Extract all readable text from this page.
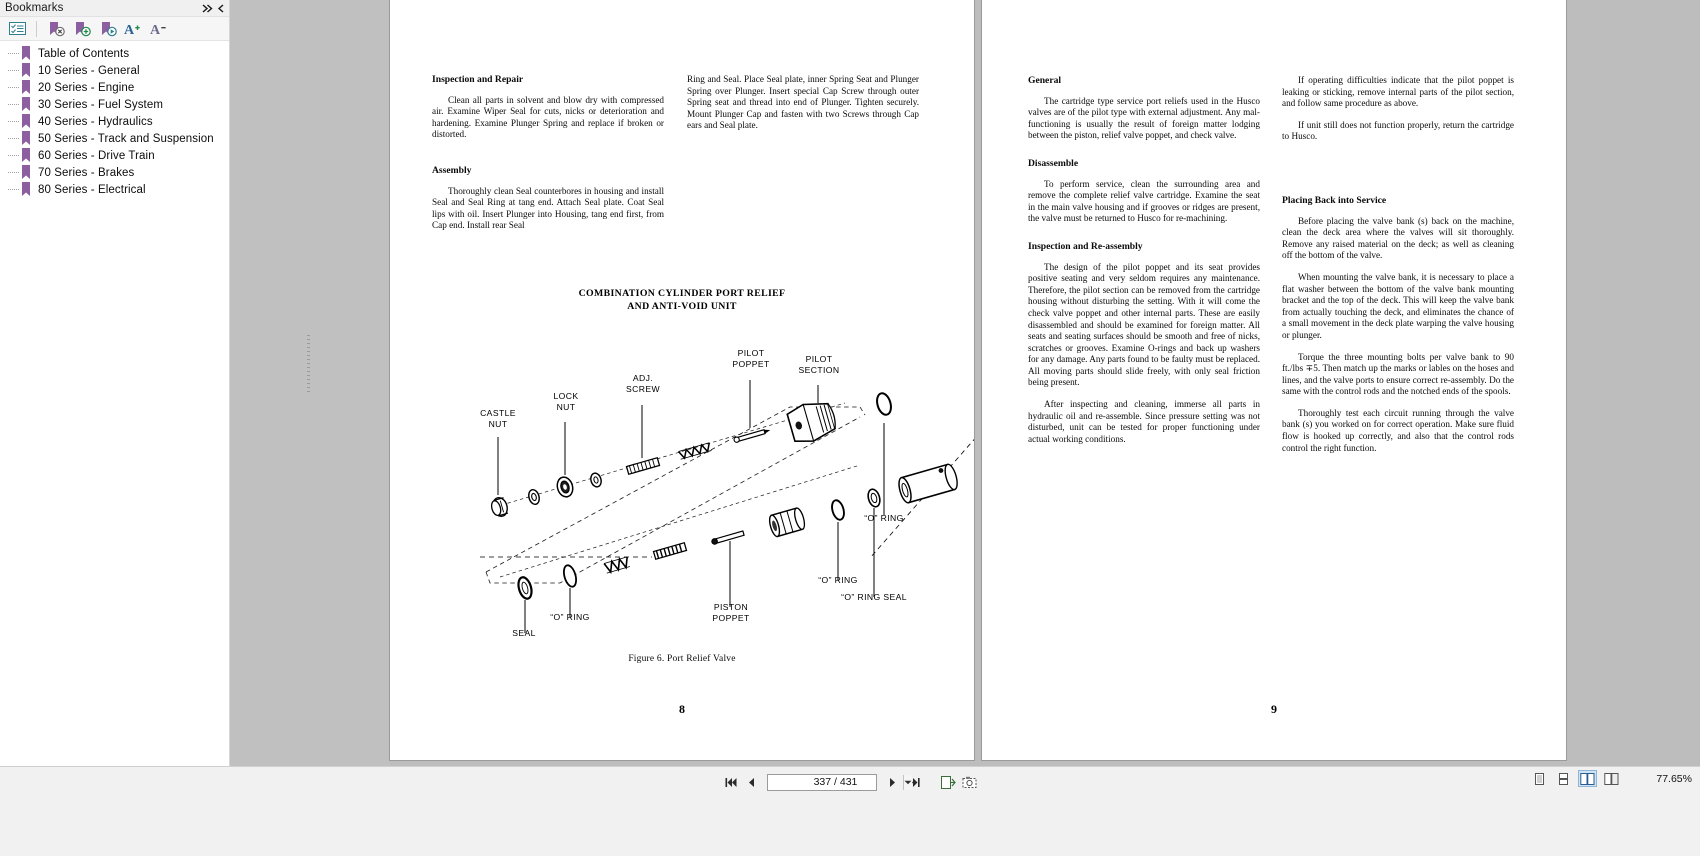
Bookmarks
A A
Table of Contents
10 Series - General
20 Series - Engine
30 Series - Fuel System
40 Series - Hydraulics
50 Series - Track and Suspension
60 Series - Drive Train
70 Series - Brakes
80 Series - Electrical
Inspection and Repair

Clean all parts in solvent and blow dry with compressed air. Examine Wiper Seal for cuts, nicks or deterioration and hardening. Examine Plunger Spring and replace if broken or distorted.

Assembly

Thoroughly clean Seal counterbores in housing and install Seal and Seal Ring at tang end. Attach Seal plate. Coat Seal lips with oil. Insert Plunger into Housing, tang end first, from Cap end. Install rear Seal

Ring and Seal. Place Seal plate, inner Spring Seat and Plunger Spring over Plunger. Insert special Cap Screw through outer Spring seat and thread into end of Plunger. Tighten securely. Mount Plunger Cap and fasten with two Screws through Cap ears and Seal plate.

COMBINATION CYLINDER PORT RELIEF
AND ANTI-VOID UNIT
CASTLE
NUT
LOCK
NUT
ADJ.
SCREW
PILOT
POPPET	PILOT
SECTION
“O” RING
SEAL
“O” RING
PISTON
POPPET
“O” RING
“O” RING SEAL
Figure 6. Port Relief Valve
8
General

The cartridge type service port reliefs used in the Husco valves are of the pilot type with external adjustment. Any mal-functioning is usually the result of foreign matter lodging between the piston, relief valve poppet, and check valve.

Disassemble

To perform service, clean the surrounding area and remove the complete relief valve cartridge. Examine the seat in the main valve housing and if grooves or ridges are present, the valve must be returned to Husco for re-machining.

Inspection and Re-assembly

The design of the pilot poppet and its seat provides positive seating and very seldom requires any maintenance. Therefore, the pilot section can be removed from the cartridge housing without disturbing the setting. With it will come the check valve poppet and other internal parts. These are easily disassembled and should be examined for foreign matter. All seats and seating surfaces should be smooth and free of nicks, scratches or grooves. Examine O-rings and back up washers for any damage. Any parts found to be faulty must be replaced. All moving parts should slide freely, with only seal friction being present.

After inspecting and cleaning, immerse all parts in hydraulic oil and re-assemble. Since pressure setting was not disturbed, unit can be tested for proper functioning under actual working conditions.

If operating difficulties indicate that the pilot poppet is leaking or sticking, remove internal parts of the pilot section, and follow same procedure as above.

If unit still does not function properly, return the cartridge to Husco.

Placing Back into Service

Before placing the valve bank (s) back on the machine, clean the deck area where the valves will sit thoroughly. Remove any raised material on the deck; as well as cleaning off the bottom of the valve.

When mounting the valve bank, it is necessary to place a flat washer between the bottom of the valve bank mounting bracket and the top of the deck. This will keep the valve bank from actually touching the deck, and eliminates the chance of a small movement in the deck plate warping the valve housing or plunger.

Torque the three mounting bolts per valve bank to 90 ft./lbs ∓5. Then match up the marks or lables on the hoses and lines, and the valve ports to ensure correct re-assembly. Do the same with the control rods and the notched ends of the spools.

Thoroughly test each circuit running through the valve bank (s) you worked on for correct operation. Make sure fluid flow is hooked up correctly, and also that the control rods control the right function.

9
337 / 431
77.65%
